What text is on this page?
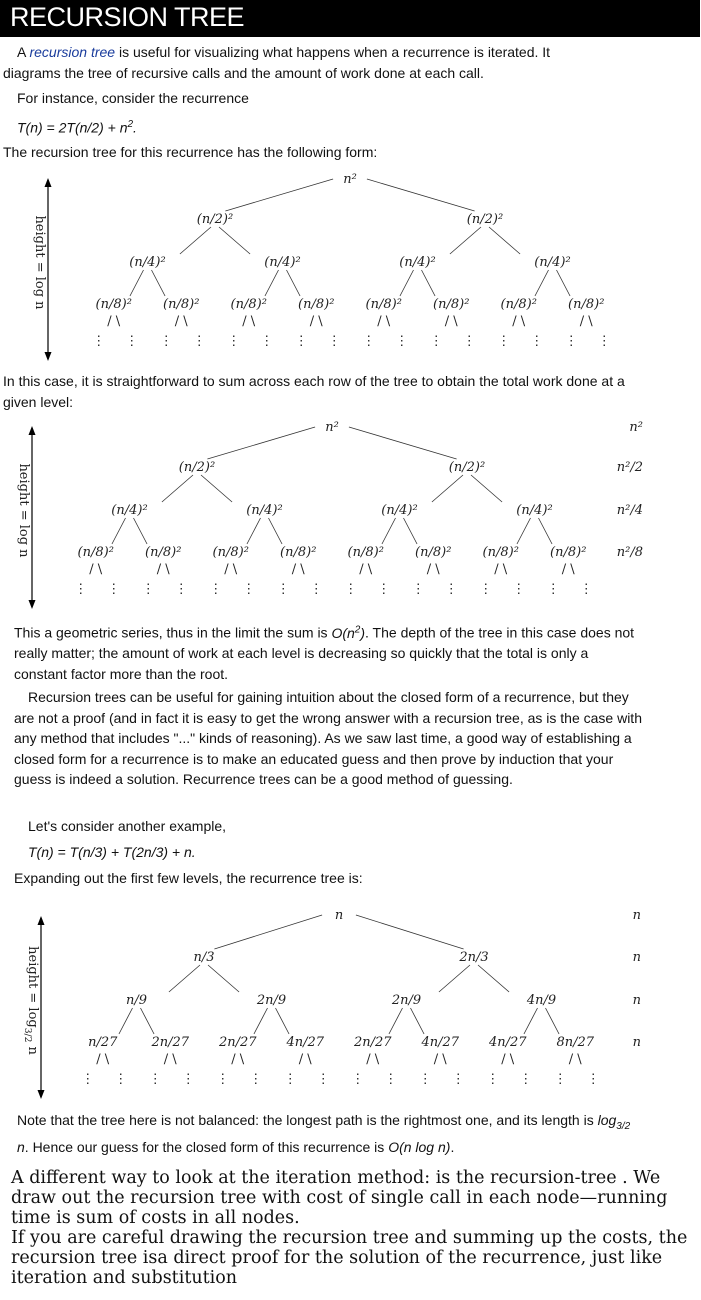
RECURSION TREE

A recursion tree is useful for visualizing what happens when a recurrence is iterated. It diagrams the tree of recursive calls and the amount of work done at each call.

For instance, consider the recurrence

$T(n) = 2T(n/2) + n^2$.

The recursion tree for this recurrence has the following form:

n²
(n/2)²	(n/2)²
(n/4)²	(n/4)²	(n/4)²	(n/4)²
(n/8)² (n/8)² (n/8)² (n/8)² (n/8)² (n/8)² (n/8)² (n/8)²
/ \	/ \	/ \	/ \	/ \	/ \	/ \	/ \
⋮ ⋮ ⋮ ⋮ ⋮ ⋮ ⋮ ⋮ ⋮ ⋮ ⋮ ⋮ ⋮ ⋮ ⋮ ⋮
height = log n

In this case, it is straightforward to sum across each row of the tree to obtain the total work done at a given level:

n²
(n/2)²	(n/2)²
(n/4)²	(n/4)²	(n/4)²	(n/4)²
(n/8)² (n/8)² (n/8)² (n/8)² (n/8)² (n/8)² (n/8)² (n/8)²
/ \	/ \	/ \	/ \	/ \	/ \	/ \	/ \
⋮ ⋮ ⋮ ⋮ ⋮ ⋮ ⋮ ⋮ ⋮ ⋮ ⋮ ⋮ ⋮ ⋮ ⋮ ⋮
height = log n
n²
n²/2
n²/4
n²/8

This a geometric series, thus in the limit the sum is $O(n^2)$. The depth of the tree in this case does not really matter; the amount of work at each level is decreasing so quickly that the total is only a constant factor more than the root.

Recursion trees can be useful for gaining intuition about the closed form of a recurrence, but they are not a proof (and in fact it is easy to get the wrong answer with a recursion tree, as is the case with any method that includes "..." kinds of reasoning). As we saw last time, a good way of establishing a closed form for a recurrence is to make an educated guess and then prove by induction that your guess is indeed a solution. Recurrence trees can be a good method of guessing.

Let's consider another example,

T(n) = T(n/3) + T(2n/3) + n.

Expanding out the first few levels, the recurrence tree is:

n
n/3	2n/3
n/9	2n/9	2n/9	4n/9
n/27	2n/27 2n/27 4n/27 2n/27 4n/27 4n/27 8n/27
/ \	/ \	/ \	/ \	/ \	/ \	/ \	/ \
⋮ ⋮ ⋮ ⋮ ⋮ ⋮ ⋮ ⋮ ⋮ ⋮ ⋮ ⋮ ⋮ ⋮ ⋮ ⋮
height = $\log_{3/2} n$
n
n
n
n

Note that the tree here is not balanced: the longest path is the rightmost one, and its length is $\log_{3/2} n$. Hence our guess for the closed form of this recurrence is O(n log n).

A different way to look at the iteration method: is the recursion-tree . We draw out the recursion tree with cost of single call in each node—running time is sum of costs in all nodes.

If you are careful drawing the recursion tree and summing up the costs, the recursion tree isa direct proof for the solution of the recurrence, just like iteration and substitution
